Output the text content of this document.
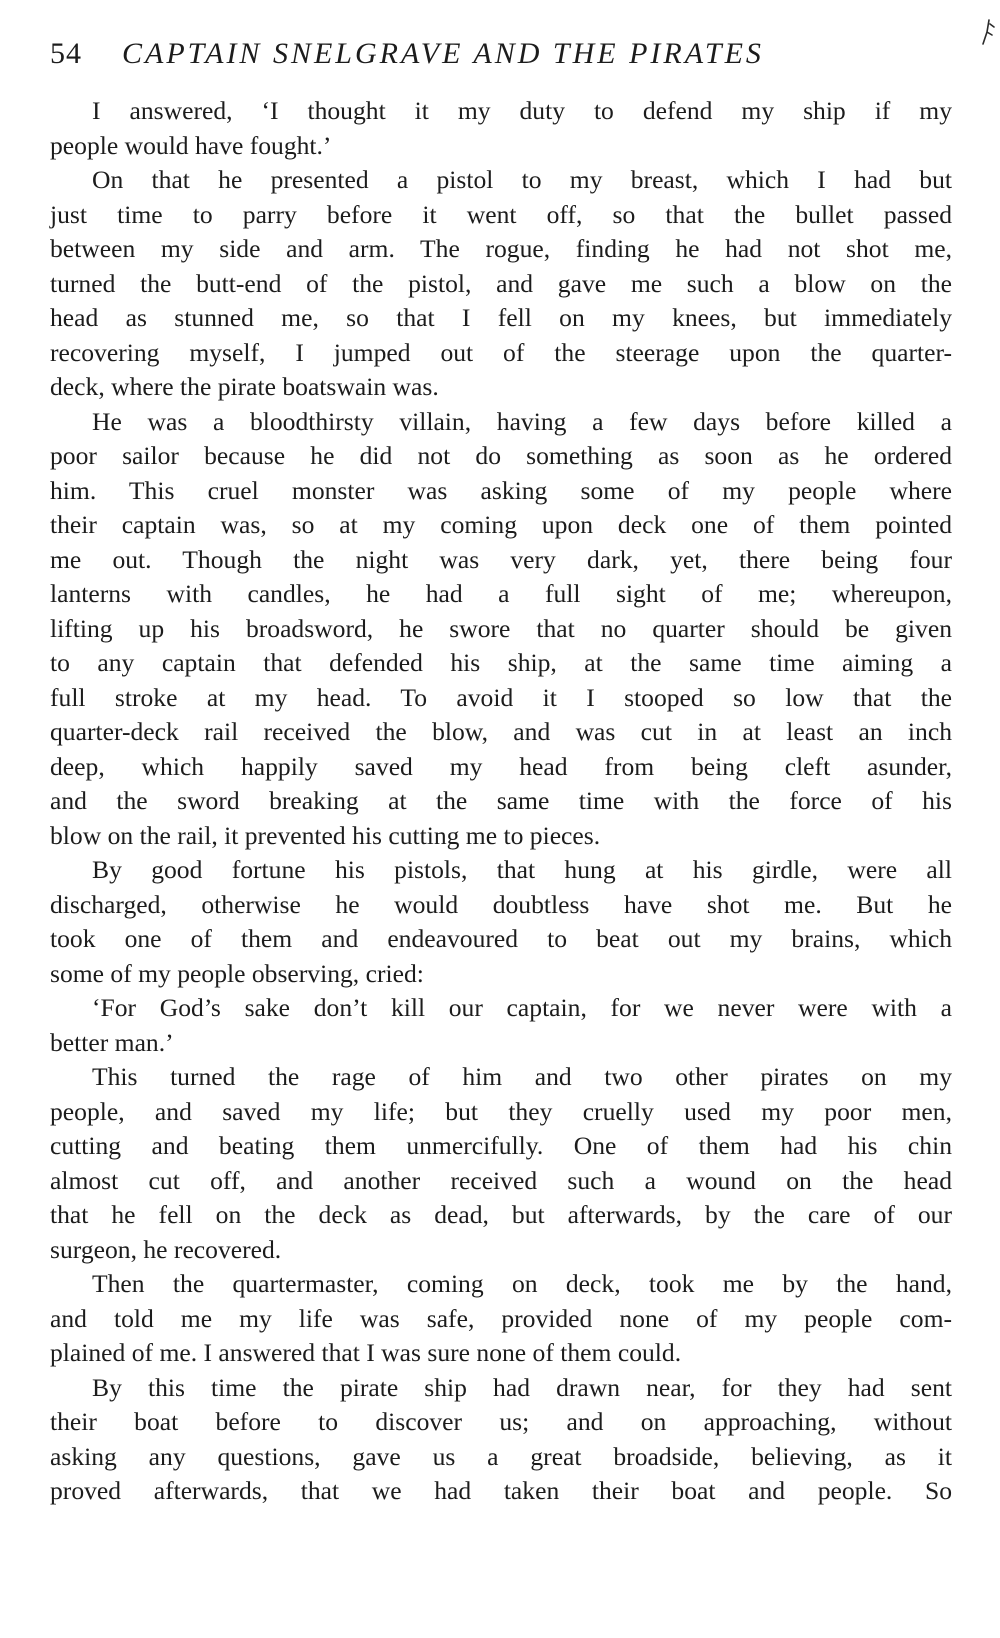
54 CAPTAIN SNELGRAVE AND THE PIRATES
I answered, ‘I thought it my duty to defend my ship if my
people would have fought.’
On that he presented a pistol to my breast, which I had but
just time to parry before it went off, so that the bullet passed
between my side and arm. The rogue, finding he had not shot me,
turned the butt-end of the pistol, and gave me such a blow on the
head as stunned me, so that I fell on my knees, but immediately
recovering myself, I jumped out of the steerage upon the quarter-
deck, where the pirate boatswain was.
He was a bloodthirsty villain, having a few days before killed a
poor sailor because he did not do something as soon as he ordered
him. This cruel monster was asking some of my people where
their captain was, so at my coming upon deck one of them pointed
me out. Though the night was very dark, yet, there being four
lanterns with candles, he had a full sight of me; whereupon,
lifting up his broadsword, he swore that no quarter should be given
to any captain that defended his ship, at the same time aiming a
full stroke at my head. To avoid it I stooped so low that the
quarter-deck rail received the blow, and was cut in at least an inch
deep, which happily saved my head from being cleft asunder,
and the sword breaking at the same time with the force of his
blow on the rail, it prevented his cutting me to pieces.
By good fortune his pistols, that hung at his girdle, were all
discharged, otherwise he would doubtless have shot me. But he
took one of them and endeavoured to beat out my brains, which
some of my people observing, cried:
‘For God’s sake don’t kill our captain, for we never were with a
better man.’
This turned the rage of him and two other pirates on my
people, and saved my life; but they cruelly used my poor men,
cutting and beating them unmercifully. One of them had his chin
almost cut off, and another received such a wound on the head
that he fell on the deck as dead, but afterwards, by the care of our
surgeon, he recovered.
Then the quartermaster, coming on deck, took me by the hand,
and told me my life was safe, provided none of my people com-
plained of me. I answered that I was sure none of them could.
By this time the pirate ship had drawn near, for they had sent
their boat before to discover us; and on approaching, without
asking any questions, gave us a great broadside, believing, as it
proved afterwards, that we had taken their boat and people. So
